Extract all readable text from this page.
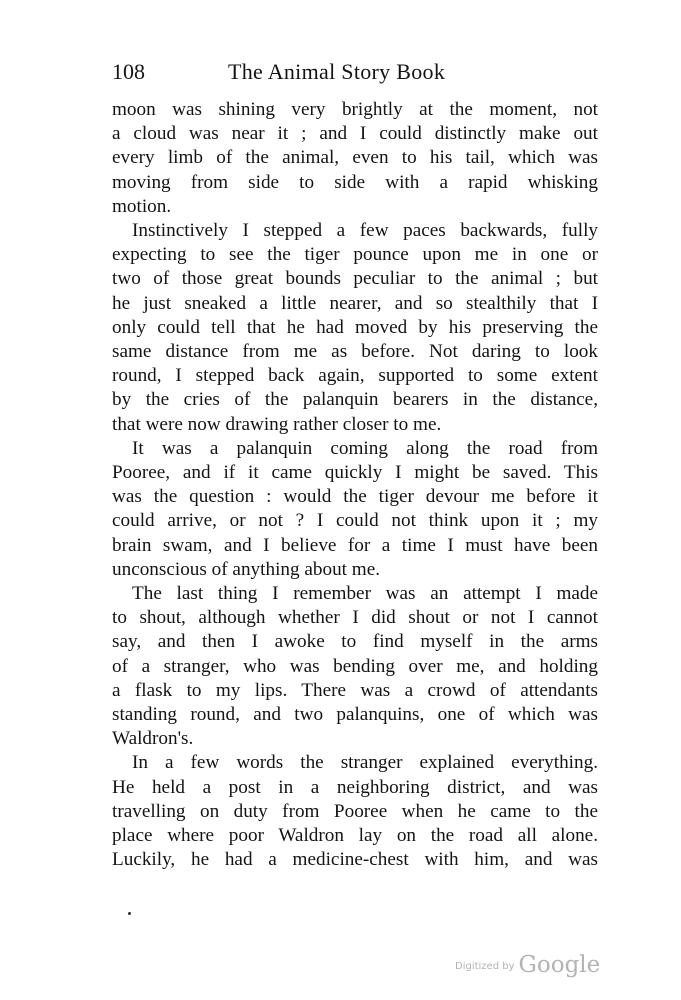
108	The Animal Story Book
moon was shining very brightly at the moment, not
a cloud was near it ; and I could distinctly make out
every limb of the animal, even to his tail, which was
moving from side to side with a rapid whisking
motion.
Instinctively I stepped a few paces backwards, fully
expecting to see the tiger pounce upon me in one or
two of those great bounds peculiar to the animal ; but
he just sneaked a little nearer, and so stealthily that I
only could tell that he had moved by his preserving the
same distance from me as before. Not daring to look
round, I stepped back again, supported to some extent
by the cries of the palanquin bearers in the distance,
that were now drawing rather closer to me.
It was a palanquin coming along the road from
Pooree, and if it came quickly I might be saved. This
was the question : would the tiger devour me before it
could arrive, or not ? I could not think upon it ; my
brain swam, and I believe for a time I must have been
unconscious of anything about me.
The last thing I remember was an attempt I made
to shout, although whether I did shout or not I cannot
say, and then I awoke to find myself in the arms
of a stranger, who was bending over me, and holding
a flask to my lips. There was a crowd of attendants
standing round, and two palanquins, one of which was
Waldron's.
In a few words the stranger explained everything.
He held a post in a neighboring district, and was
travelling on duty from Pooree when he came to the
place where poor Waldron lay on the road all alone.
Luckily, he had a medicine-chest with him, and was
Digitized by Google
